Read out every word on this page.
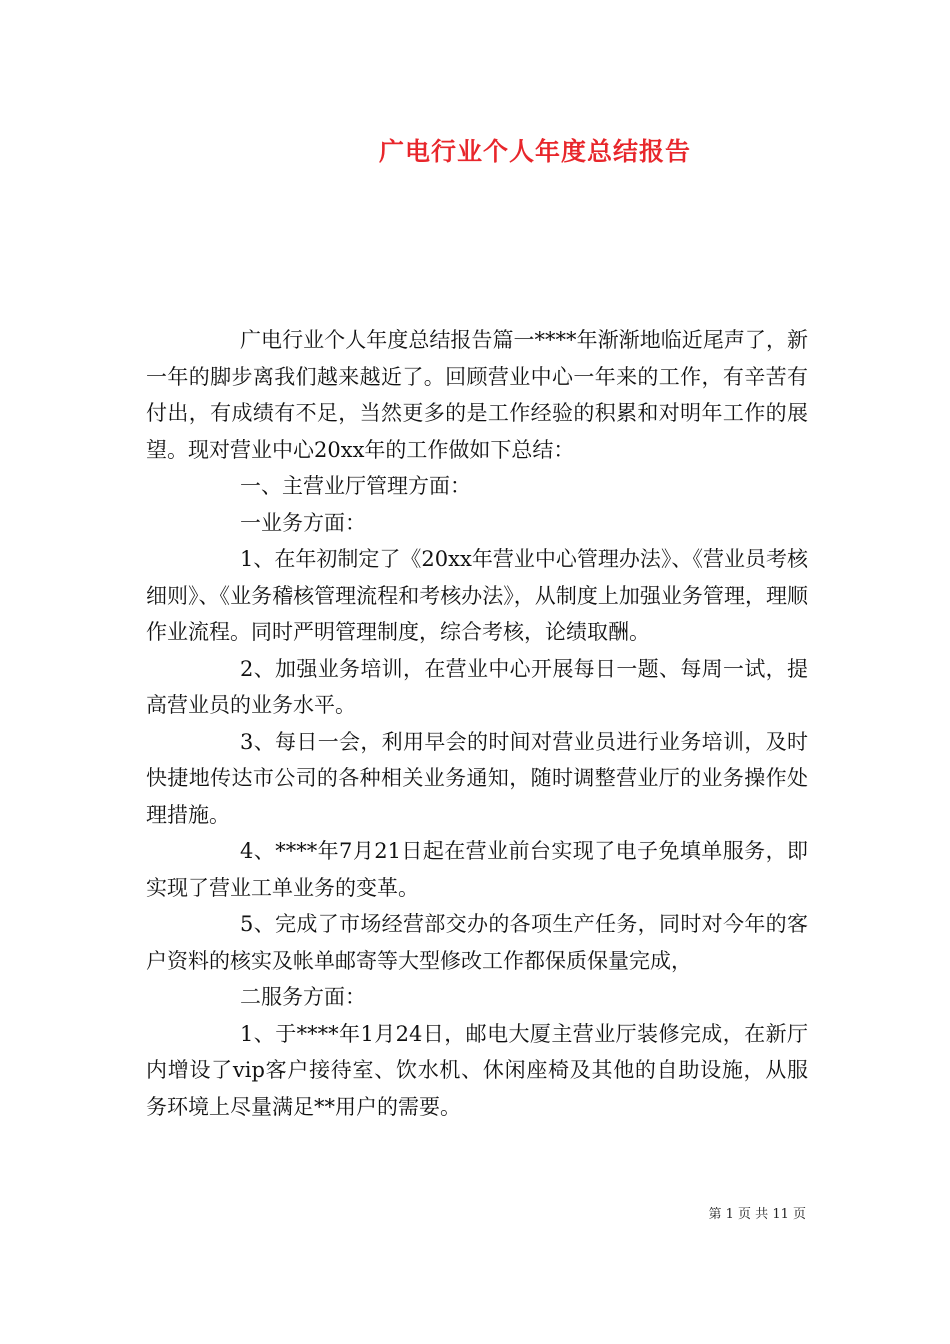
广电行业个人年度总结报告

广电行业个人年度总结报告篇一****年渐渐地临近尾声了，新一年的脚步离我们越来越近了。回顾营业中心一年来的工作，有辛苦有付出，有成绩有不足，当然更多的是工作经验的积累和对明年工作的展望。现对营业中心20xx年的工作做如下总结：

一、主营业厅管理方面：

一业务方面：

1、在年初制定了《20xx年营业中心管理办法》、《营业员考核细则》、《业务稽核管理流程和考核办法》，从制度上加强业务管理，理顺作业流程。同时严明管理制度，综合考核，论绩取酬。

2、加强业务培训，在营业中心开展每日一题、每周一试，提高营业员的业务水平。

3、每日一会，利用早会的时间对营业员进行业务培训，及时快捷地传达市公司的各种相关业务通知，随时调整营业厅的业务操作处理措施。

4、****年7月21日起在营业前台实现了电子免填单服务，即实现了营业工单业务的变革。

5、完成了市场经营部交办的各项生产任务，同时对今年的客户资料的核实及帐单邮寄等大型修改工作都保质保量完成，

二服务方面：

1、于****年1月24日，邮电大厦主营业厅装修完成，在新厅内增设了vip客户接待室、饮水机、休闲座椅及其他的自助设施，从服务环境上尽量满足**用户的需要。

第 1 页 共 11 页
